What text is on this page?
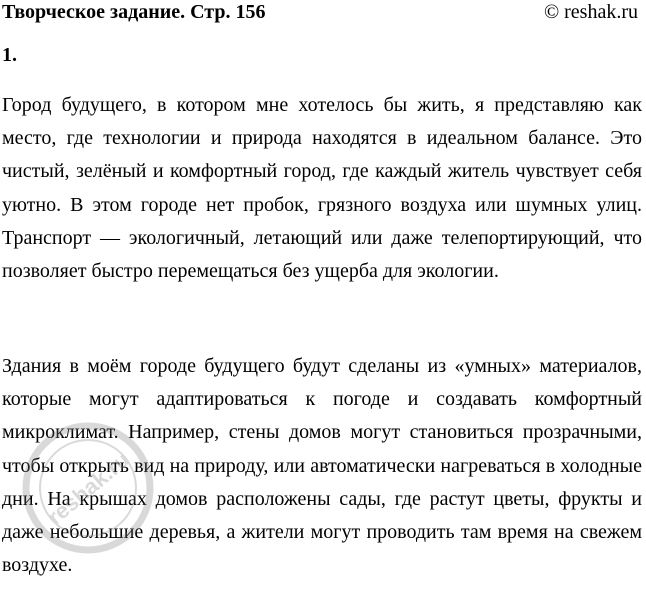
Творческое задание. Стр. 156	© reshak.ru
1.

Город будущего, в котором мне хотелось бы жить, я представляю как место, где технологии и природа находятся в идеальном балансе. Это чистый, зелёный и комфортный город, где каждый житель чувствует себя уютно. В этом городе нет пробок, грязного воздуха или шумных улиц. Транспорт — экологичный, летающий или даже телепортирующий, что позволяет быстро перемещаться без ущерба для экологии.

Здания в моём городе будущего будут сделаны из «умных» материалов, которые могут адаптироваться к погоде и создавать комфортный микроклимат. Например, стены домов могут становиться прозрачными, чтобы открыть вид на природу, или автоматически нагреваться в холодные дни. На крышах домов расположены сады, где растут цветы, фрукты и даже небольшие деревья, а жители могут проводить там время на свежем воздухе.

reshak.ru
